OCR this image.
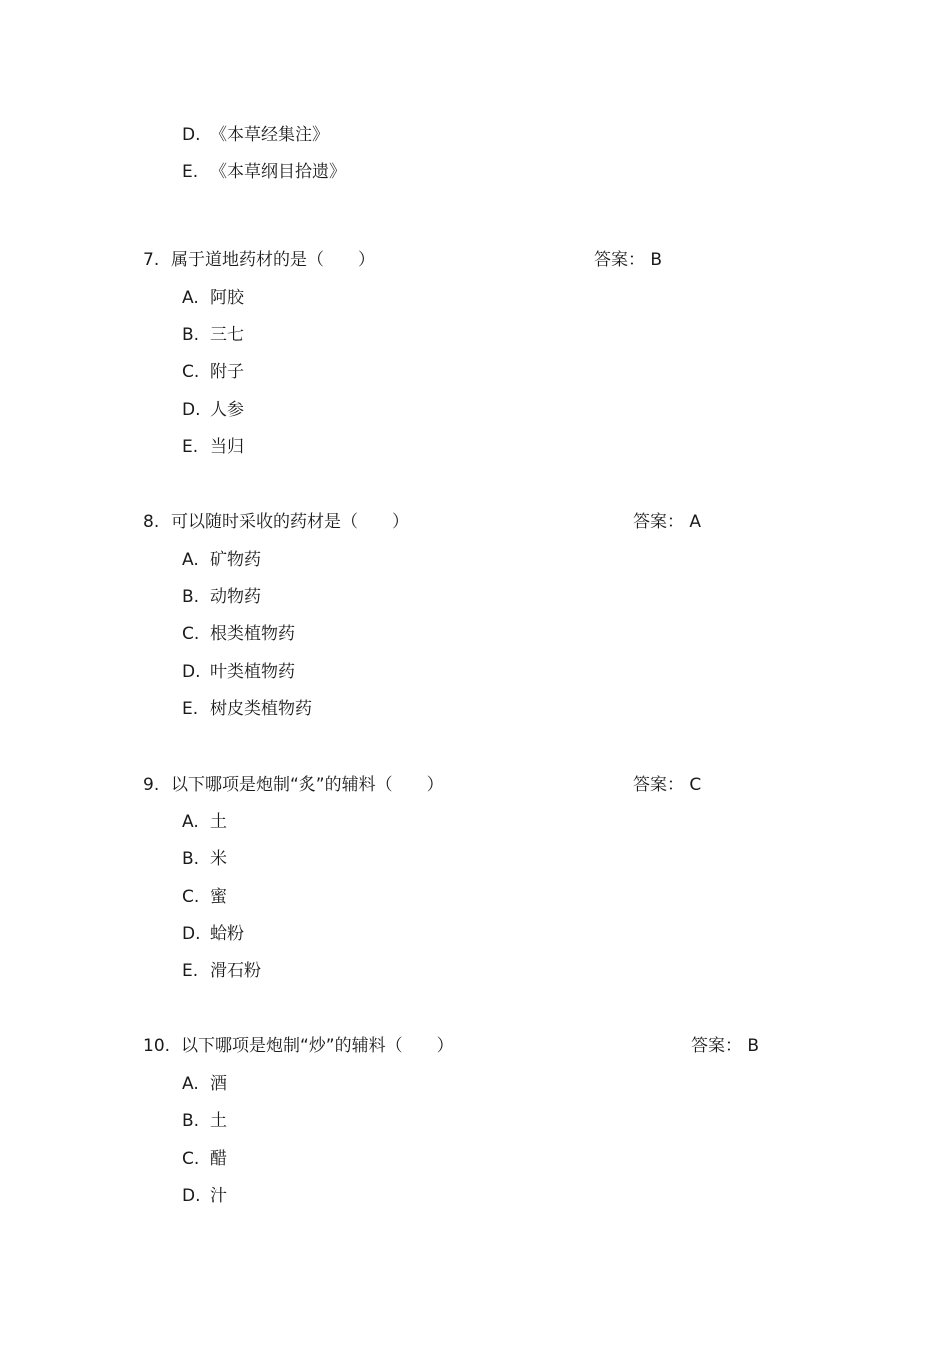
D. 《本草经集注》
E. 《本草纲目拾遗》
7. 属于道地药材的是（　　）	答案： B
A. 阿胶
B. 三七
C. 附子
D. 人参
E. 当归
8. 可以随时采收的药材是（　　）	答案： A
A. 矿物药
B. 动物药
C. 根类植物药
D. 叶类植物药
E. 树皮类植物药
9. 以下哪项是炮制“炙”的辅料（　　）	答案： C
A. 土
B. 米
C. 蜜
D. 蛤粉
E. 滑石粉
10. 以下哪项是炮制“炒”的辅料（　　）	答案： B
A. 酒
B. 土
C. 醋
D. 汁
